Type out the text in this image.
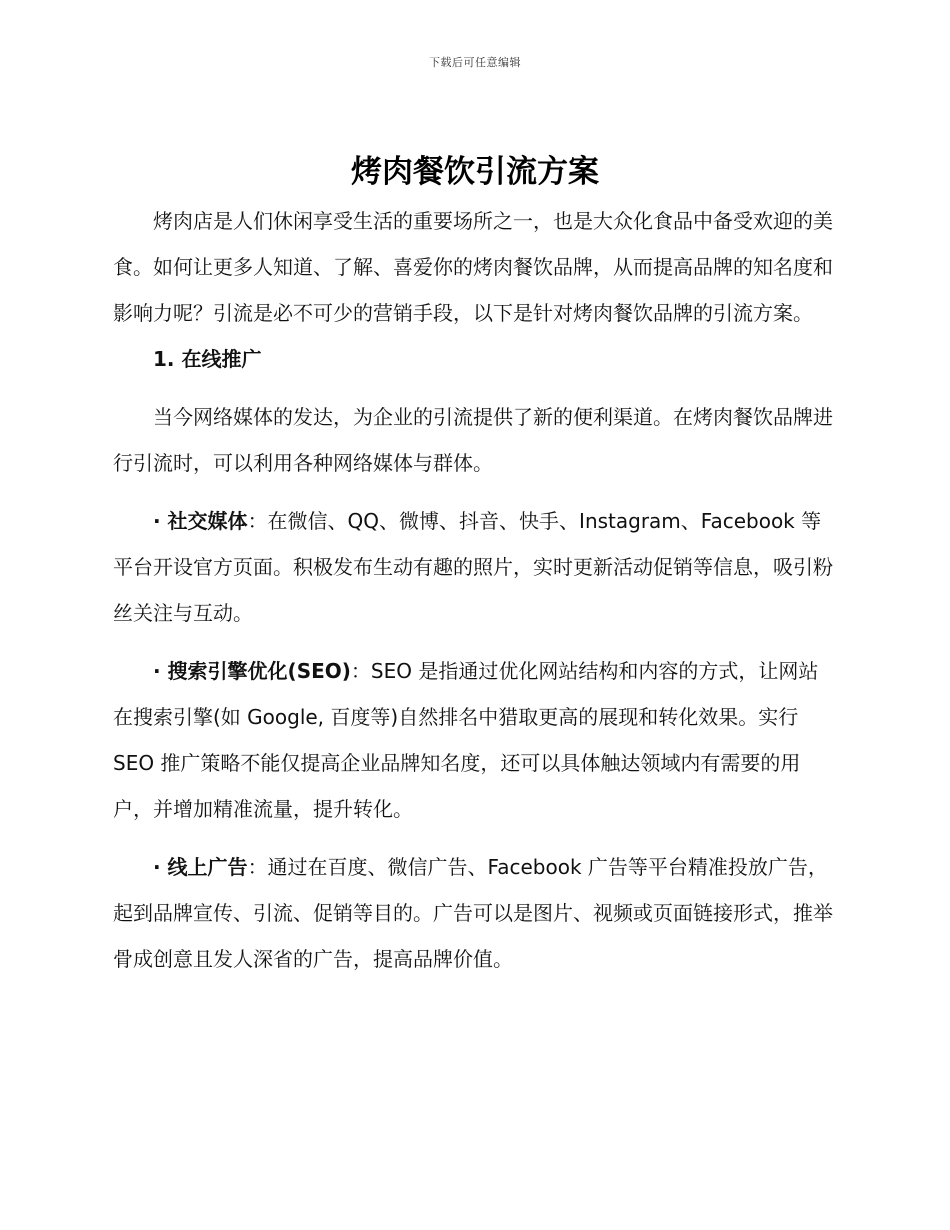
下载后可任意编辑
烤肉餐饮引流方案

烤肉店是人们休闲享受生活的重要场所之一，也是大众化食品中备受欢迎的美食。如何让更多人知道、了解、喜爱你的烤肉餐饮品牌，从而提高品牌的知名度和影响力呢？引流是必不可少的营销手段，以下是针对烤肉餐饮品牌的引流方案。

1. 在线推广

当今网络媒体的发达，为企业的引流提供了新的便利渠道。在烤肉餐饮品牌进行引流时，可以利用各种网络媒体与群体。

· 社交媒体：在微信、QQ、微博、抖音、快手、Instagram、Facebook 等平台开设官方页面。积极发布生动有趣的照片，实时更新活动促销等信息，吸引粉丝关注与互动。

· 搜索引擎优化(SEO)：SEO 是指通过优化网站结构和内容的方式，让网站在搜索引擎(如 Google, 百度等)自然排名中猎取更高的展现和转化效果。实行 SEO 推广策略不能仅提高企业品牌知名度，还可以具体触达领域内有需要的用户，并增加精准流量，提升转化。

· 线上广告：通过在百度、微信广告、Facebook 广告等平台精准投放广告，起到品牌宣传、引流、促销等目的。广告可以是图片、视频或页面链接形式，推举骨成创意且发人深省的广告，提高品牌价值。
